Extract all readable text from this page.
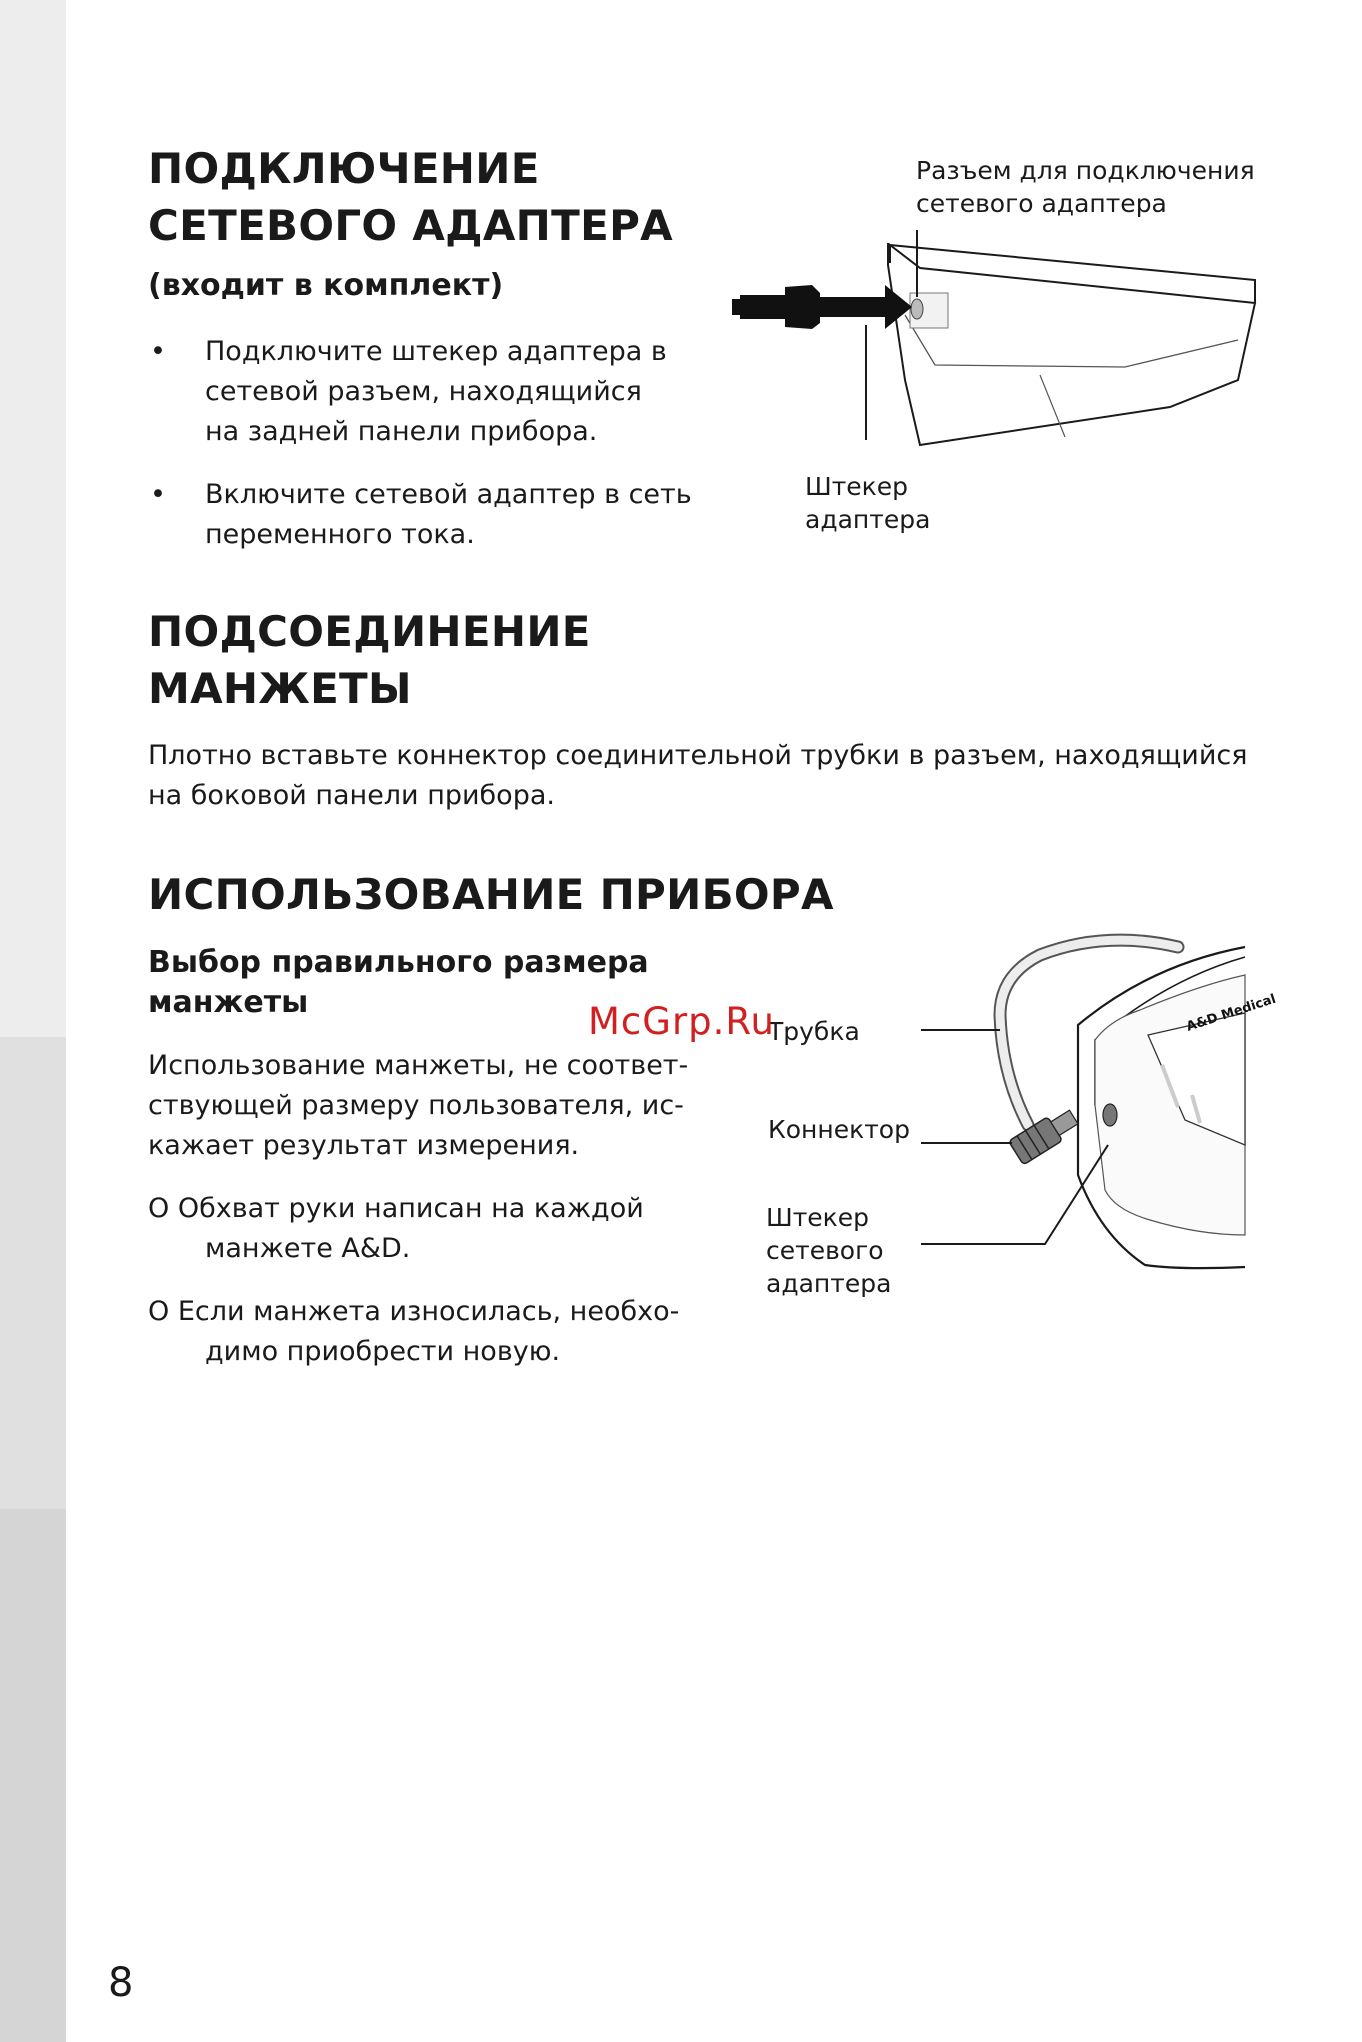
ПОДКЛЮЧЕНИЕ
СЕТЕВОГО АДАПТЕРА
(входит в комплект)
• Подключите штекер адаптера в
сетевой разъем, находящийся
на задней панели прибора.
• Включите сетевой адаптер в сеть
переменного тока.
Разъем для подключения
сетевого адаптера
Штекер
адаптера
ПОДСОЕДИНЕНИЕ
МАНЖЕТЫ
Плотно вставьте коннектор соединительной трубки в разъем, находящийся
на боковой панели прибора.
ИСПОЛЬЗОВАНИЕ ПРИБОРА
Выбор правильного размера
манжеты
Использование манжеты, не соответ-
ствующей размеру пользователя, ис-
кажает результат измерения.
О Обхват руки написан на каждой
манжете A&D.
О Если манжета износилась, необхо-
димо приобрести новую.
Трубка
Коннектор
Штекер
сетевого
адаптера
A&D Medical
McGrp.Ru
8
